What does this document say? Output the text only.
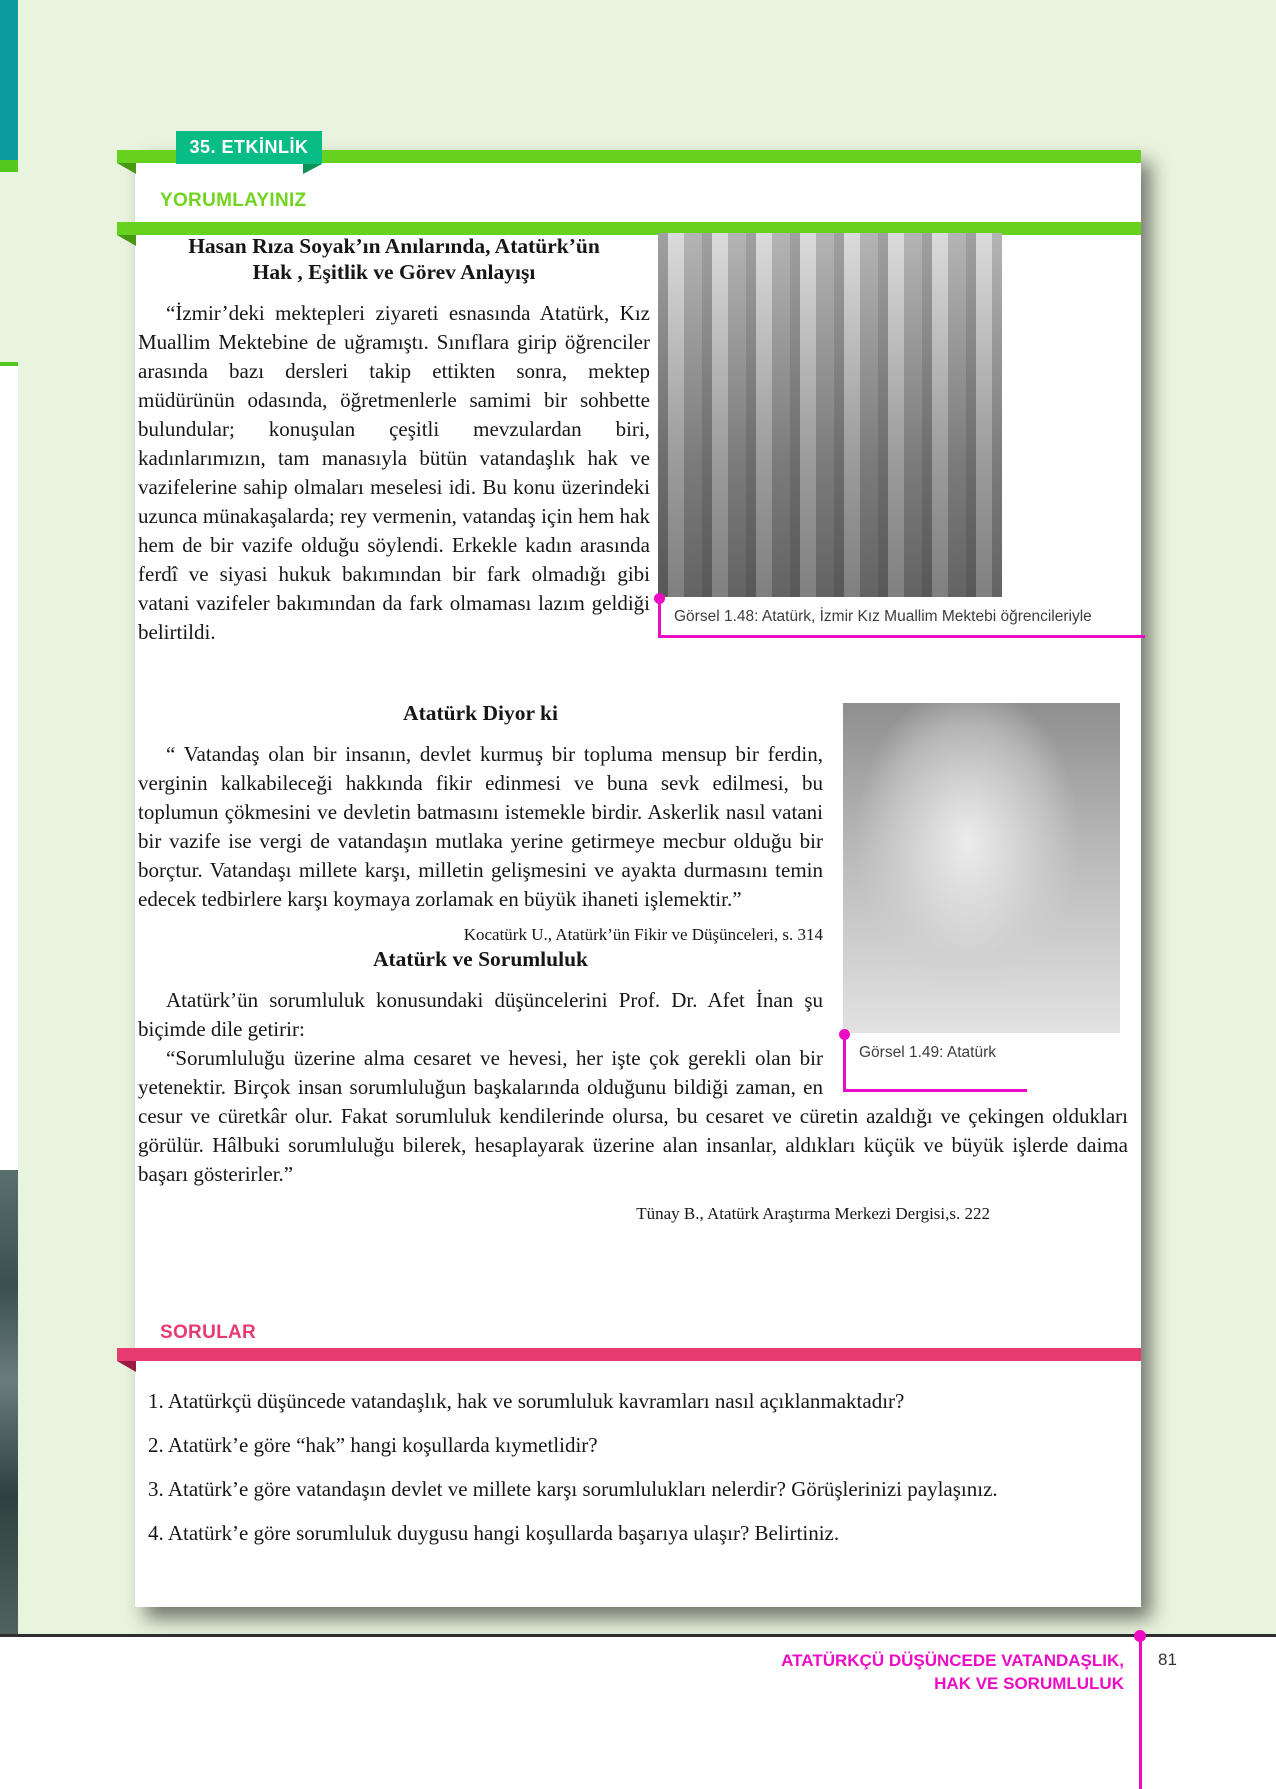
35. ETKİNLİK
YORUMLAYINIZ
Görsel 1.48: Atatürk, İzmir Kız Muallim Mektebi öğrencileriyle
Hasan Rıza Soyak’ın Anılarında, Atatürk’ün
Hak , Eşitlik ve Görev Anlayışı

“İzmir’deki mektepleri ziyareti esnasında Atatürk, Kız Muallim Mektebine de uğramıştı. Sınıflara girip öğrenciler arasında bazı dersleri takip ettikten sonra, mektep müdürünün odasında, öğretmenlerle samimi bir sohbette bulundular; konuşulan çeşitli mevzulardan biri, kadınlarımızın, tam manasıyla bütün vatandaşlık hak ve vazifelerine sahip olmaları meselesi idi. Bu konu üzerindeki uzunca münakaşalarda; rey vermenin, vatandaş için hem hak hem de bir vazife olduğu söylendi. Erkekle kadın arasında ferdî ve siyasi hukuk bakımından bir fark olmadığı gibi vatani vazifeler bakımından da fark olmaması lazım geldiği belirtildi.

Görsel 1.49: Atatürk
Atatürk Diyor ki

“ Vatandaş olan bir insanın, devlet kurmuş bir topluma mensup bir ferdin, verginin kalkabileceği hakkında fikir edinmesi ve buna sevk edilmesi, bu toplumun çökmesini ve devletin batmasını istemekle birdir. Askerlik nasıl vatani bir vazife ise vergi de vatandaşın mutlaka yerine getirmeye mecbur olduğu bir borçtur. Vatandaşı millete karşı, milletin gelişmesini ve ayakta durmasını temin edecek tedbirlere karşı koymaya zorlamak en büyük ihaneti işlemektir.”

Kocatürk U., Atatürk’ün Fikir ve Düşünceleri, s. 314
Atatürk ve Sorumluluk

Atatürk’ün sorumluluk konusundaki düşüncelerini Prof. Dr. Afet İnan şu biçimde dile getirir:

“Sorumluluğu üzerine alma cesaret ve hevesi, her işte çok gerekli olan bir yetenektir. Birçok insan sorumluluğun başkalarında olduğunu bildiği zaman, en cesur ve cüretkâr olur. Fakat sorumluluk kendilerinde olursa, bu cesaret ve cüretin azaldığı ve çekingen oldukları görülür. Hâlbuki sorumluluğu bilerek, hesaplayarak üzerine alan insanlar, aldıkları küçük ve büyük işlerde daima başarı gösterirler.”

Tünay B., Atatürk Araştırma Merkezi Dergisi,s. 222
SORULAR
1. Atatürkçü düşüncede vatandaşlık, hak ve sorumluluk kavramları nasıl açıklanmaktadır?
2. Atatürk’e göre “hak” hangi koşullarda kıymetlidir?
3. Atatürk’e göre vatandaşın devlet ve millete karşı sorumlulukları nelerdir? Görüşlerinizi paylaşınız.
4. Atatürk’e göre sorumluluk duygusu hangi koşullarda başarıya ulaşır? Belirtiniz.
ATATÜRKÇÜ DÜŞÜNCEDE VATANDAŞLIK,
HAK VE SORUMLULUK
81
